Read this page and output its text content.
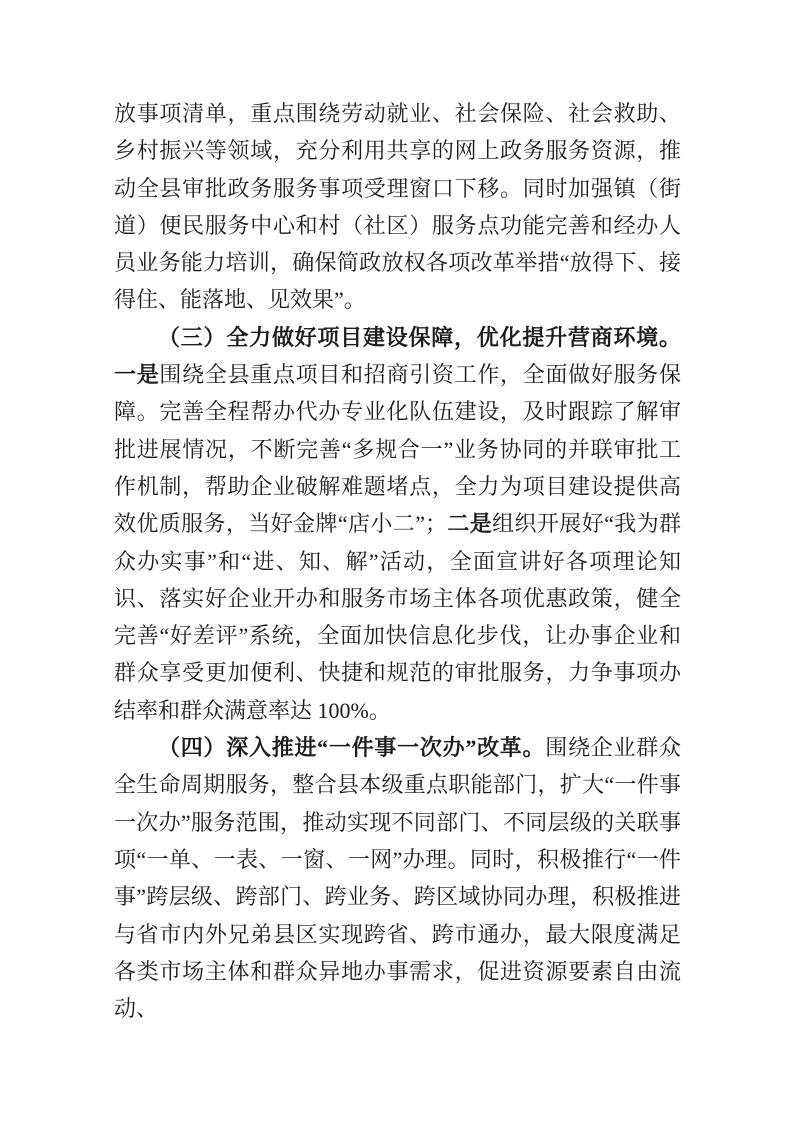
放事项清单，重点围绕劳动就业、社会保险、社会救助、乡村振兴等领域，充分利用共享的网上政务服务资源，推动全县审批政务服务事项受理窗口下移。同时加强镇（街道）便民服务中心和村（社区）服务点功能完善和经办人员业务能力培训，确保简政放权各项改革举措“放得下、接得住、能落地、见效果”。

（三）全力做好项目建设保障，优化提升营商环境。一是围绕全县重点项目和招商引资工作，全面做好服务保障。完善全程帮办代办专业化队伍建设，及时跟踪了解审批进展情况，不断完善“多规合一”业务协同的并联审批工作机制，帮助企业破解难题堵点，全力为项目建设提供高效优质服务，当好金牌“店小二”；二是组织开展好“我为群众办实事”和“进、知、解”活动，全面宣讲好各项理论知识、落实好企业开办和服务市场主体各项优惠政策，健全完善“好差评”系统，全面加快信息化步伐，让办事企业和群众享受更加便利、快捷和规范的审批服务，力争事项办结率和群众满意率达 100%。

（四）深入推进“一件事一次办”改革。围绕企业群众全生命周期服务，整合县本级重点职能部门，扩大“一件事一次办”服务范围，推动实现不同部门、不同层级的关联事项“一单、一表、一窗、一网”办理。同时，积极推行“一件事”跨层级、跨部门、跨业务、跨区域协同办理，积极推进与省市内外兄弟县区实现跨省、跨市通办，最大限度满足各类市场主体和群众异地办事需求，促进资源要素自由流动、
